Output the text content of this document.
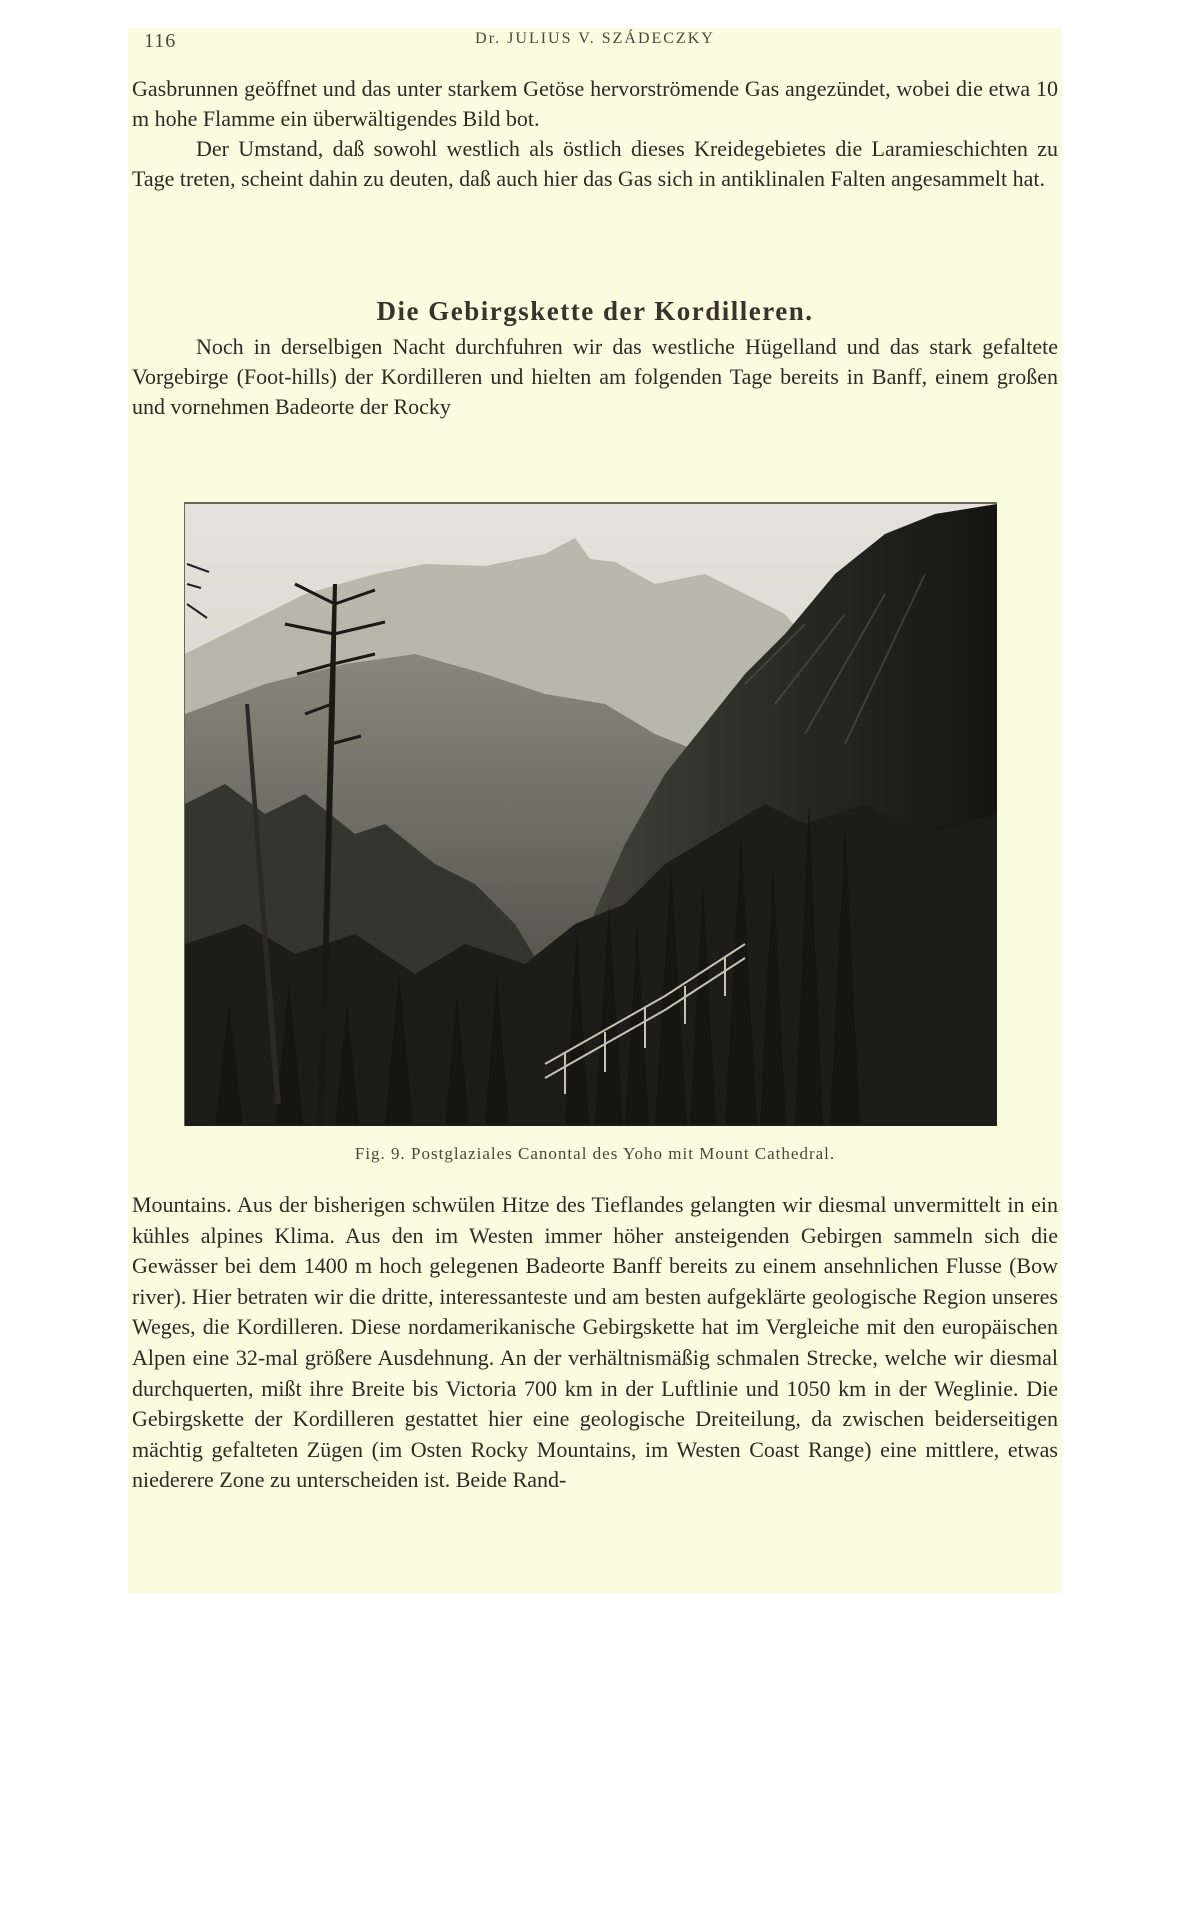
116	Dr. JULIUS V. SZÁDECZKY

Gasbrunnen geöffnet und das unter starkem Getöse hervorströmende Gas angezündet, wobei die etwa 10 m hohe Flamme ein überwältigendes Bild bot.

Der Umstand, daß sowohl westlich als östlich dieses Kreidegebietes die Laramieschichten zu Tage treten, scheint dahin zu deuten, daß auch hier das Gas sich in antiklinalen Falten angesammelt hat.

Die Gebirgskette der Kordilleren.

Noch in derselbigen Nacht durchfuhren wir das westliche Hügelland und das stark gefaltete Vorgebirge (Foot-hills) der Kordilleren und hielten am folgenden Tage bereits in Banff, einem großen und vornehmen Badeorte der Rocky

Fig. 9. Postglaziales Canontal des Yoho mit Mount Cathedral.

Mountains. Aus der bisherigen schwülen Hitze des Tieflandes gelangten wir diesmal unvermittelt in ein kühles alpines Klima. Aus den im Westen immer höher ansteigenden Gebirgen sammeln sich die Gewässer bei dem 1400 m hoch gelegenen Badeorte Banff bereits zu einem ansehnlichen Flusse (Bow river). Hier betraten wir die dritte, interessanteste und am besten aufgeklärte geologische Region unseres Weges, die Kordilleren. Diese nordamerikanische Gebirgskette hat im Vergleiche mit den europäischen Alpen eine 32-mal größere Ausdehnung. An der verhältnismäßig schmalen Strecke, welche wir diesmal durchquerten, mißt ihre Breite bis Victoria 700 km in der Luftlinie und 1050 km in der Weglinie. Die Gebirgskette der Kordilleren gestattet hier eine geologische Dreiteilung, da zwischen beiderseitigen mächtig gefalteten Zügen (im Osten Rocky Mountains, im Westen Coast Range) eine mittlere, etwas niederere Zone zu unterscheiden ist. Beide Rand-
